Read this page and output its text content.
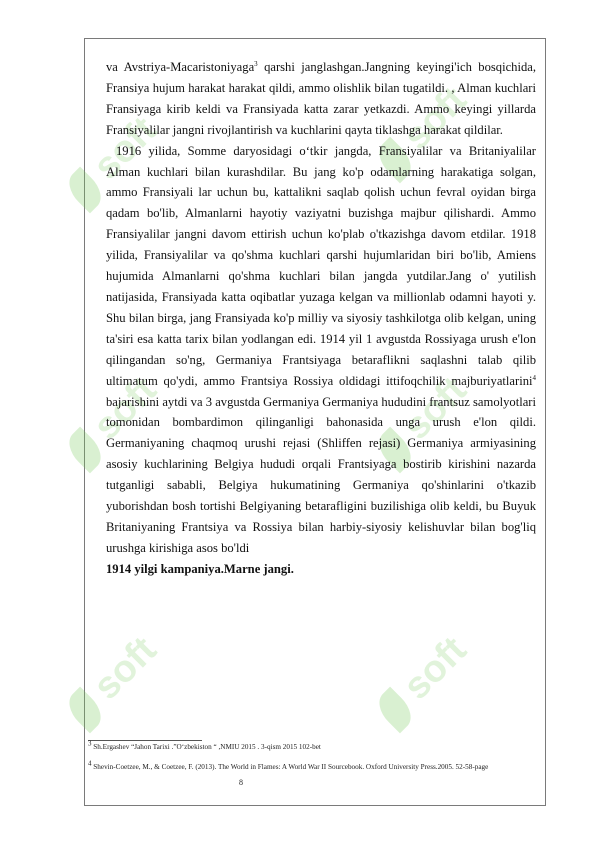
soft	soft
soft	soft
soft	soft

va Avstriya-Macaristoniyaga$^3$ qarshi janglashgan.Jangning keyingi'ich bosqichida, Fransiya hujum harakat harakat qildi, ammo olishlik bilan tugatildi. , Alman kuchlari Fransiyaga kirib keldi va Fransiyada katta zarar yetkazdi. Ammo keyingi yillarda Fransiyalilar jangni rivojlantirish va kuchlarini qayta tiklashga harakat qildilar.

1916 yilida, Somme daryosidagi o‘tkir jangda, Fransiyalilar va Britaniyalilar Alman kuchlari bilan kurashdilar. Bu jang ko'p odamlarning harakatiga solgan, ammo Fransiyali lar uchun bu, kattalikni saqlab qolish uchun fevral oyidan birga qadam bo'lib, Almanlarni hayotiy vaziyatni buzishga majbur qilishardi. Ammo Fransiyalilar jangni davom ettirish uchun ko'plab o'tkazishga davom etdilar. 1918 yilida, Fransiyalilar va qo'shma kuchlari qarshi hujumlaridan biri bo'lib, Amiens hujumida Almanlarni qo'shma kuchlari bilan jangda yutdilar.Jang o' yutilish natijasida, Fransiyada katta oqibatlar yuzaga kelgan va millionlab odamni hayoti y. Shu bilan birga, jang Fransiyada ko'p milliy va siyosiy tashkilotga olib kelgan, uning ta'siri esa katta tarix bilan yodlangan edi. 1914 yil 1 avgustda Rossiyaga urush e'lon qilingandan so'ng, Germaniya Frantsiyaga betaraflikni saqlashni talab qilib ultimatum qo'ydi, ammo Frantsiya Rossiya oldidagi ittifoqchilik majburiyatlarini$^4$ bajarishini aytdi va 3 avgustda Germaniya Germaniya hududini frantsuz samolyotlari tomonidan bombardimon qilinganligi bahonasida unga urush e'lon qildi. Germaniyaning chaqmoq urushi rejasi (Shliffen rejasi) Germaniya armiyasining asosiy kuchlarining Belgiya hududi orqali Frantsiyaga bostirib kirishini nazarda tutganligi sababli, Belgiya hukumatining Germaniya qo'shinlarini o'tkazib yuborishdan bosh tortishi Belgiyaning betarafligini buzilishiga olib keldi, bu Buyuk Britaniyaning Frantsiya va Rossiya bilan harbiy-siyosiy kelishuvlar bilan bog'liq urushga kirishiga asos bo'ldi

1914 yilgi kampaniya.Marne jangi.

$^3$ Sh.Ergashev “Jahon Tarixi .”O‘zbekiston “ ,NMIU 2015 . 3-qism 2015 102-bet
$^4$ Shevin-Coetzee, M., & Coetzee, F. (2013). The World in Flames: A World War II Sourcebook. Oxford University Press.2005. 52-58-page
8
